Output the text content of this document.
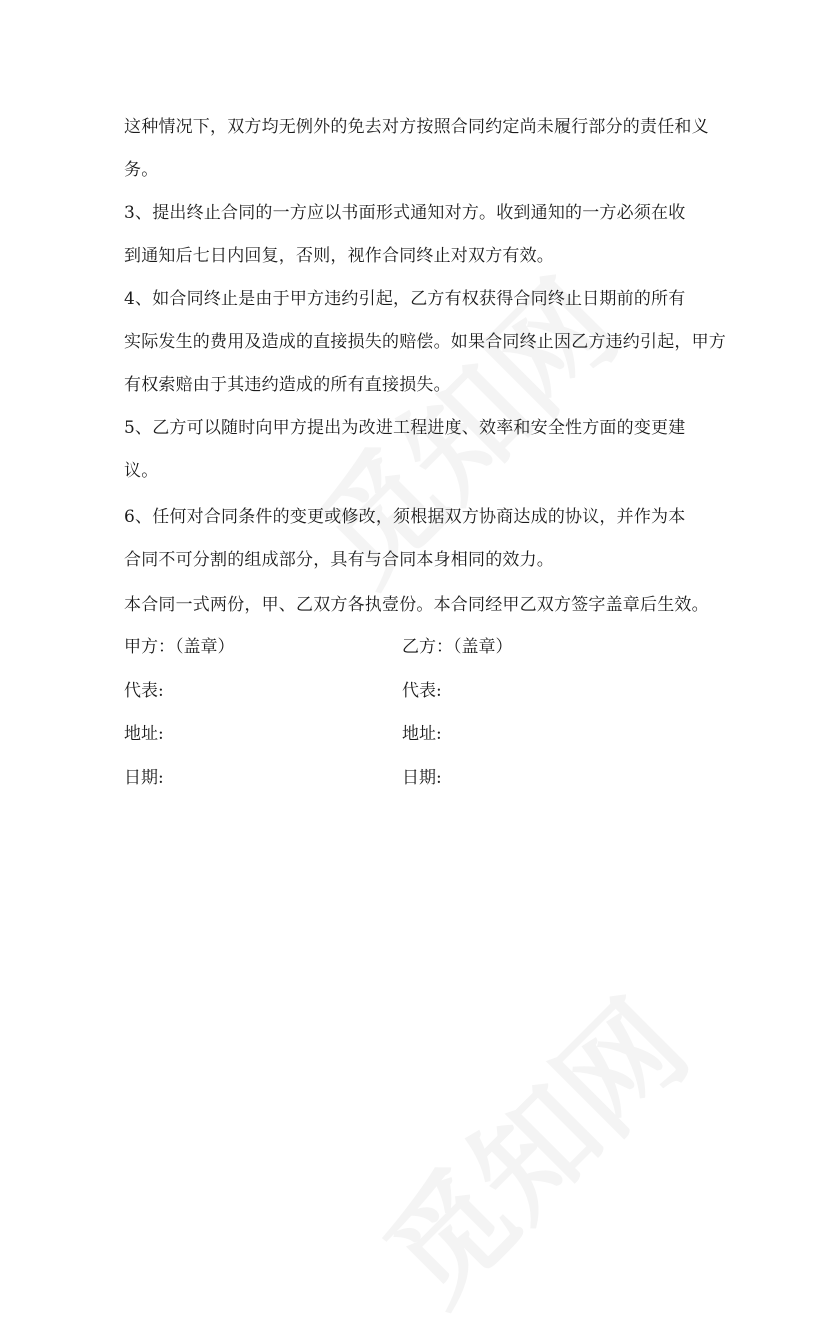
这种情况下，双方均无例外的免去对方按照合同约定尚未履行部分的责任和义
务。
3、提出终止合同的一方应以书面形式通知对方。收到通知的一方必须在收
到通知后七日内回复，否则，视作合同终止对双方有效。
4、如合同终止是由于甲方违约引起，乙方有权获得合同终止日期前的所有
实际发生的费用及造成的直接损失的赔偿。如果合同终止因乙方违约引起，甲方
有权索赔由于其违约造成的所有直接损失。
5、乙方可以随时向甲方提出为改进工程进度、效率和安全性方面的变更建
议。
6、任何对合同条件的变更或修改，须根据双方协商达成的协议，并作为本
合同不可分割的组成部分，具有与合同本身相同的效力。
本合同一式两份，甲、乙双方各执壹份。本合同经甲乙双方签字盖章后生效。
甲方：（盖章）
代表:
地址:
日期:
乙方：（盖章）
代表:
地址:
日期:
